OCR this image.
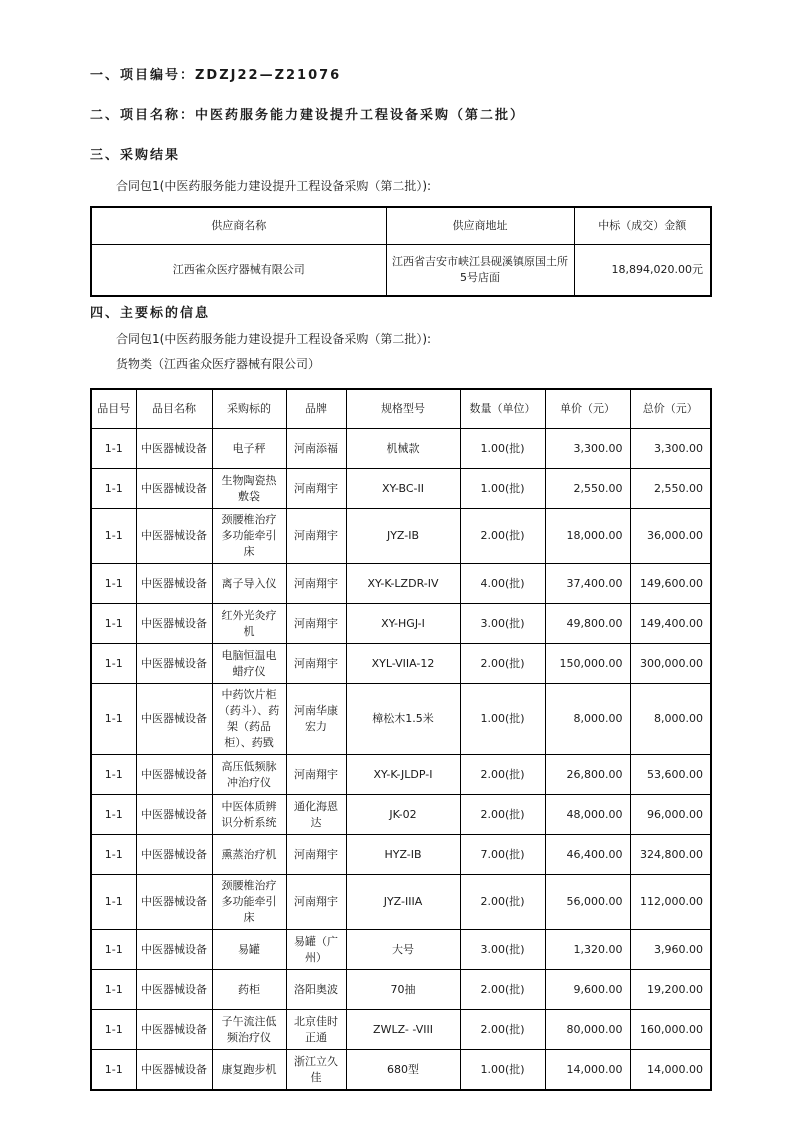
一、项目编号：ZDZJ22—Z21076
二、项目名称：中医药服务能力建设提升工程设备采购（第二批）
三、采购结果
合同包1(中医药服务能力建设提升工程设备采购（第二批）):
供应商名称	供应商地址	中标（成交）金额
江西雀众医疗器械有限公司	江西省吉安市峡江县砚溪镇原国土所5号店面	18,894,020.00元
四、主要标的信息
合同包1(中医药服务能力建设提升工程设备采购（第二批）):
货物类（江西雀众医疗器械有限公司）
品目号	品目名称	采购标的	品牌	规格型号	数量（单位）	单价（元）	总价（元）
1-1	中医器械设备	电子秤	河南添福	机械款	1.00(批)	3,300.00	3,300.00
1-1	中医器械设备	生物陶瓷热敷袋	河南翔宇	XY-BC-II	1.00(批)	2,550.00	2,550.00
1-1	中医器械设备	颈腰椎治疗多功能牵引床	河南翔宇	JYZ-IB	2.00(批)	18,000.00	36,000.00
1-1	中医器械设备	离子导入仪	河南翔宇	XY-K-LZDR-IV	4.00(批)	37,400.00	149,600.00
1-1	中医器械设备	红外光灸疗机	河南翔宇	XY-HGJ-I	3.00(批)	49,800.00	149,400.00
1-1	中医器械设备	电脑恒温电蜡疗仪	河南翔宇	XYL-VIIA-12	2.00(批)	150,000.00	300,000.00
1-1	中医器械设备	中药饮片柜（药斗）、药架（药品柜）、药戥	河南华康宏力	樟松木1.5米	1.00(批)	8,000.00	8,000.00
1-1	中医器械设备	高压低频脉冲治疗仪	河南翔宇	XY-K-JLDP-I	2.00(批)	26,800.00	53,600.00
1-1	中医器械设备	中医体质辨识分析系统	通化海恩达	JK-02	2.00(批)	48,000.00	96,000.00
1-1	中医器械设备	熏蒸治疗机	河南翔宇	HYZ-IB	7.00(批)	46,400.00	324,800.00
1-1	中医器械设备	颈腰椎治疗多功能牵引床	河南翔宇	JYZ-IIIA	2.00(批)	56,000.00	112,000.00
1-1	中医器械设备	易罐	易罐（广州）	大号	3.00(批)	1,320.00	3,960.00
1-1	中医器械设备	药柜	洛阳奥波	70抽	2.00(批)	9,600.00	19,200.00
1-1	中医器械设备	子午流注低频治疗仪	北京佳时正通	ZWLZ- -VIII	2.00(批)	80,000.00	160,000.00
1-1	中医器械设备	康复跑步机	浙江立久佳	680型	1.00(批)	14,000.00	14,000.00
